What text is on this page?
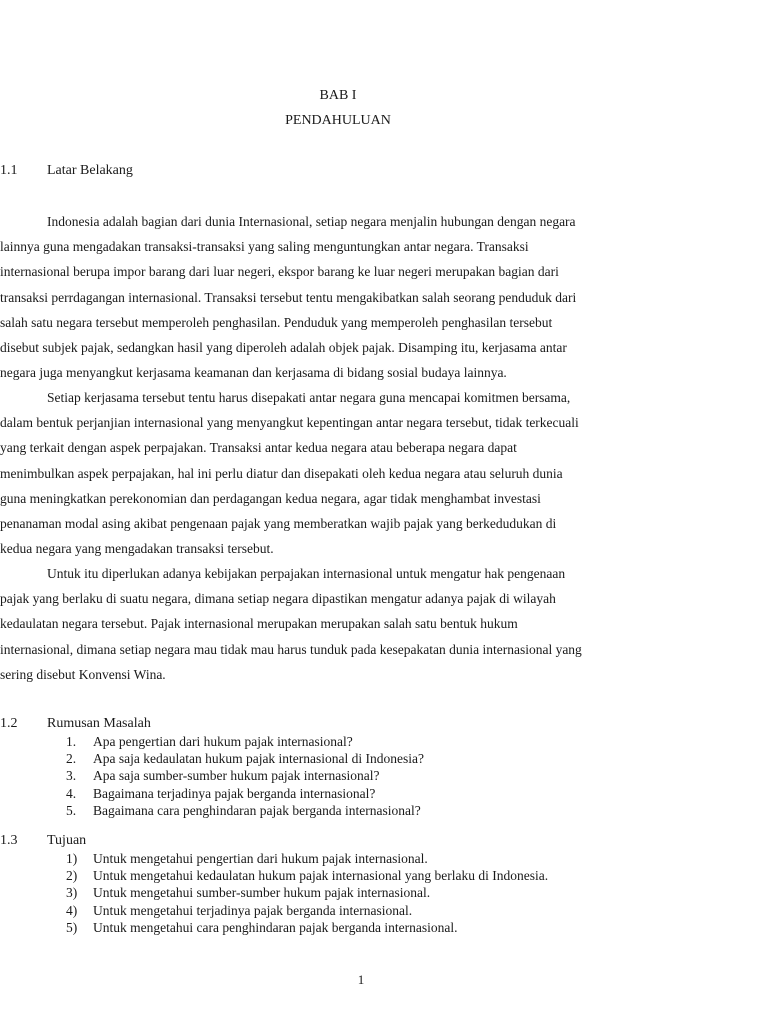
BAB I
PENDAHULUAN
1.1 Latar Belakang
Indonesia adalah bagian dari dunia Internasional, setiap negara menjalin hubungan dengan negara
lainnya guna mengadakan transaksi-transaksi yang saling menguntungkan antar negara. Transaksi
internasional berupa impor barang dari luar negeri, ekspor barang ke luar negeri merupakan bagian dari
transaksi perrdagangan internasional. Transaksi tersebut tentu mengakibatkan salah seorang penduduk dari
salah satu negara tersebut memperoleh penghasilan. Penduduk yang memperoleh penghasilan tersebut
disebut subjek pajak, sedangkan hasil yang diperoleh adalah objek pajak. Disamping itu, kerjasama antar
negara juga menyangkut kerjasama keamanan dan kerjasama di bidang sosial budaya lainnya.
Setiap kerjasama tersebut tentu harus disepakati antar negara guna mencapai komitmen bersama,
dalam bentuk perjanjian internasional yang menyangkut kepentingan antar negara tersebut, tidak terkecuali
yang terkait dengan aspek perpajakan. Transaksi antar kedua negara atau beberapa negara dapat
menimbulkan aspek perpajakan, hal ini perlu diatur dan disepakati oleh kedua negara atau seluruh dunia
guna meningkatkan perekonomian dan perdagangan kedua negara, agar tidak menghambat investasi
penanaman modal asing akibat pengenaan pajak yang memberatkan wajib pajak yang berkedudukan di
kedua negara yang mengadakan transaksi tersebut.
Untuk itu diperlukan adanya kebijakan perpajakan internasional untuk mengatur hak pengenaan
pajak yang berlaku di suatu negara, dimana setiap negara dipastikan mengatur adanya pajak di wilayah
kedaulatan negara tersebut. Pajak internasional merupakan merupakan salah satu bentuk hukum
internasional, dimana setiap negara mau tidak mau harus tunduk pada kesepakatan dunia internasional yang
sering disebut Konvensi Wina.
1.2 Rumusan Masalah
1.	Apa pengertian dari hukum pajak internasional?
2.	Apa saja kedaulatan hukum pajak internasional di Indonesia?
3.	Apa saja sumber-sumber hukum pajak internasional?
4.	Bagaimana terjadinya pajak berganda internasional?
5.	Bagaimana cara penghindaran pajak berganda internasional?
1.3 Tujuan
1)	Untuk mengetahui pengertian dari hukum pajak internasional.
2)	Untuk mengetahui kedaulatan hukum pajak internasional yang berlaku di Indonesia.
3)	Untuk mengetahui sumber-sumber hukum pajak internasional.
4)	Untuk mengetahui terjadinya pajak berganda internasional.
5)	Untuk mengetahui cara penghindaran pajak berganda internasional.
1
